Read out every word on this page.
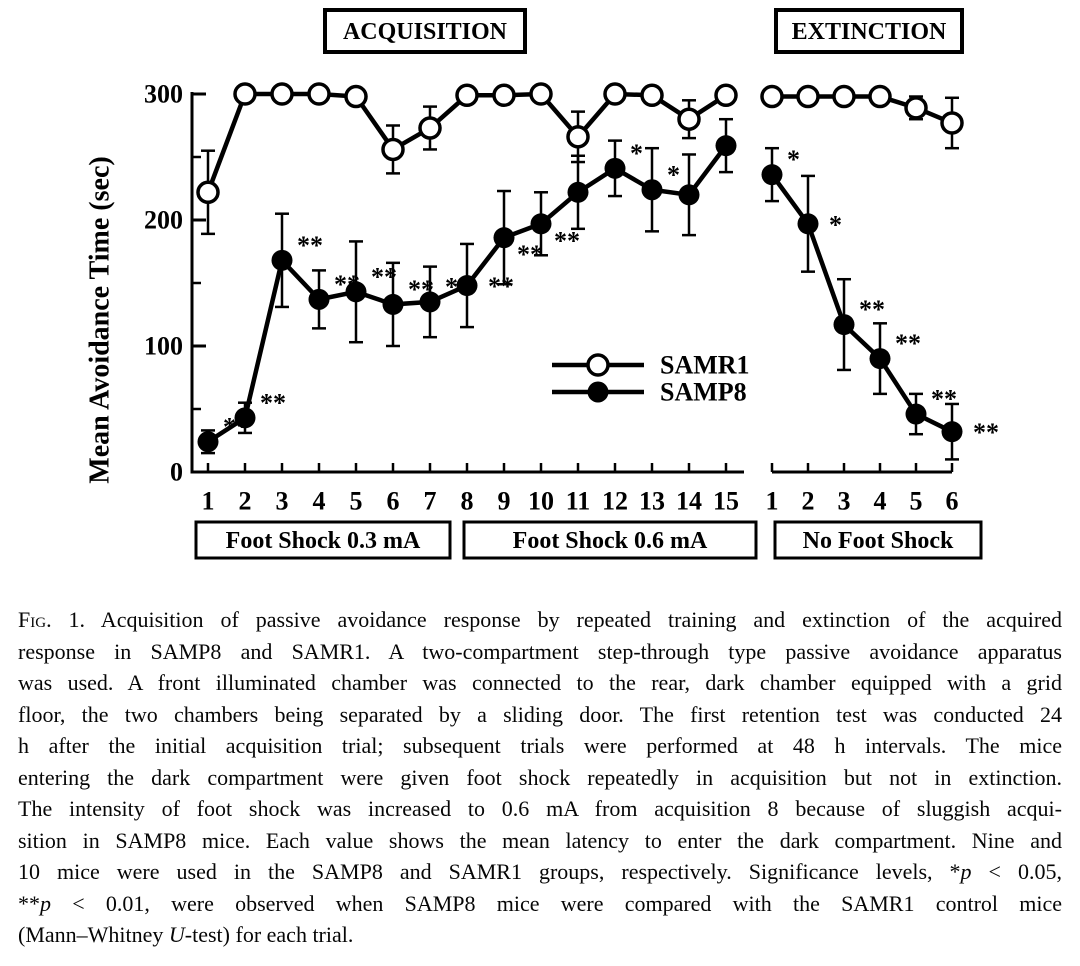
0
100
200
300
Mean Avoidance Time (sec)
1 2 3 4 5 6 7 8 9 10 11 12 13 14 15
ACQUISITION
Foot Shock 0.3 mA	Foot Shock 0.6 mA
**
**
**
** ** ** ** **
** **
*
*
1 2 3 4 5 6
EXTINCTION
No Foot Shock
*
*
**
**
**
**
SAMR1
SAMP8
Fig. 1. Acquisition of passive avoidance response by repeated training and extinction of the acquired
response in SAMP8 and SAMR1. A two-compartment step-through type passive avoidance apparatus
was used. A front illuminated chamber was connected to the rear, dark chamber equipped with a grid
floor, the two chambers being separated by a sliding door. The first retention test was conducted 24
h after the initial acquisition trial; subsequent trials were performed at 48 h intervals. The mice
entering the dark compartment were given foot shock repeatedly in acquisition but not in extinction.
The intensity of foot shock was increased to 0.6 mA from acquisition 8 because of sluggish acqui-
sition in SAMP8 mice. Each value shows the mean latency to enter the dark compartment. Nine and
10 mice were used in the SAMP8 and SAMR1 groups, respectively. Significance levels, *p < 0.05,
**p < 0.01, were observed when SAMP8 mice were compared with the SAMR1 control mice
(Mann–Whitney U-test) for each trial.
